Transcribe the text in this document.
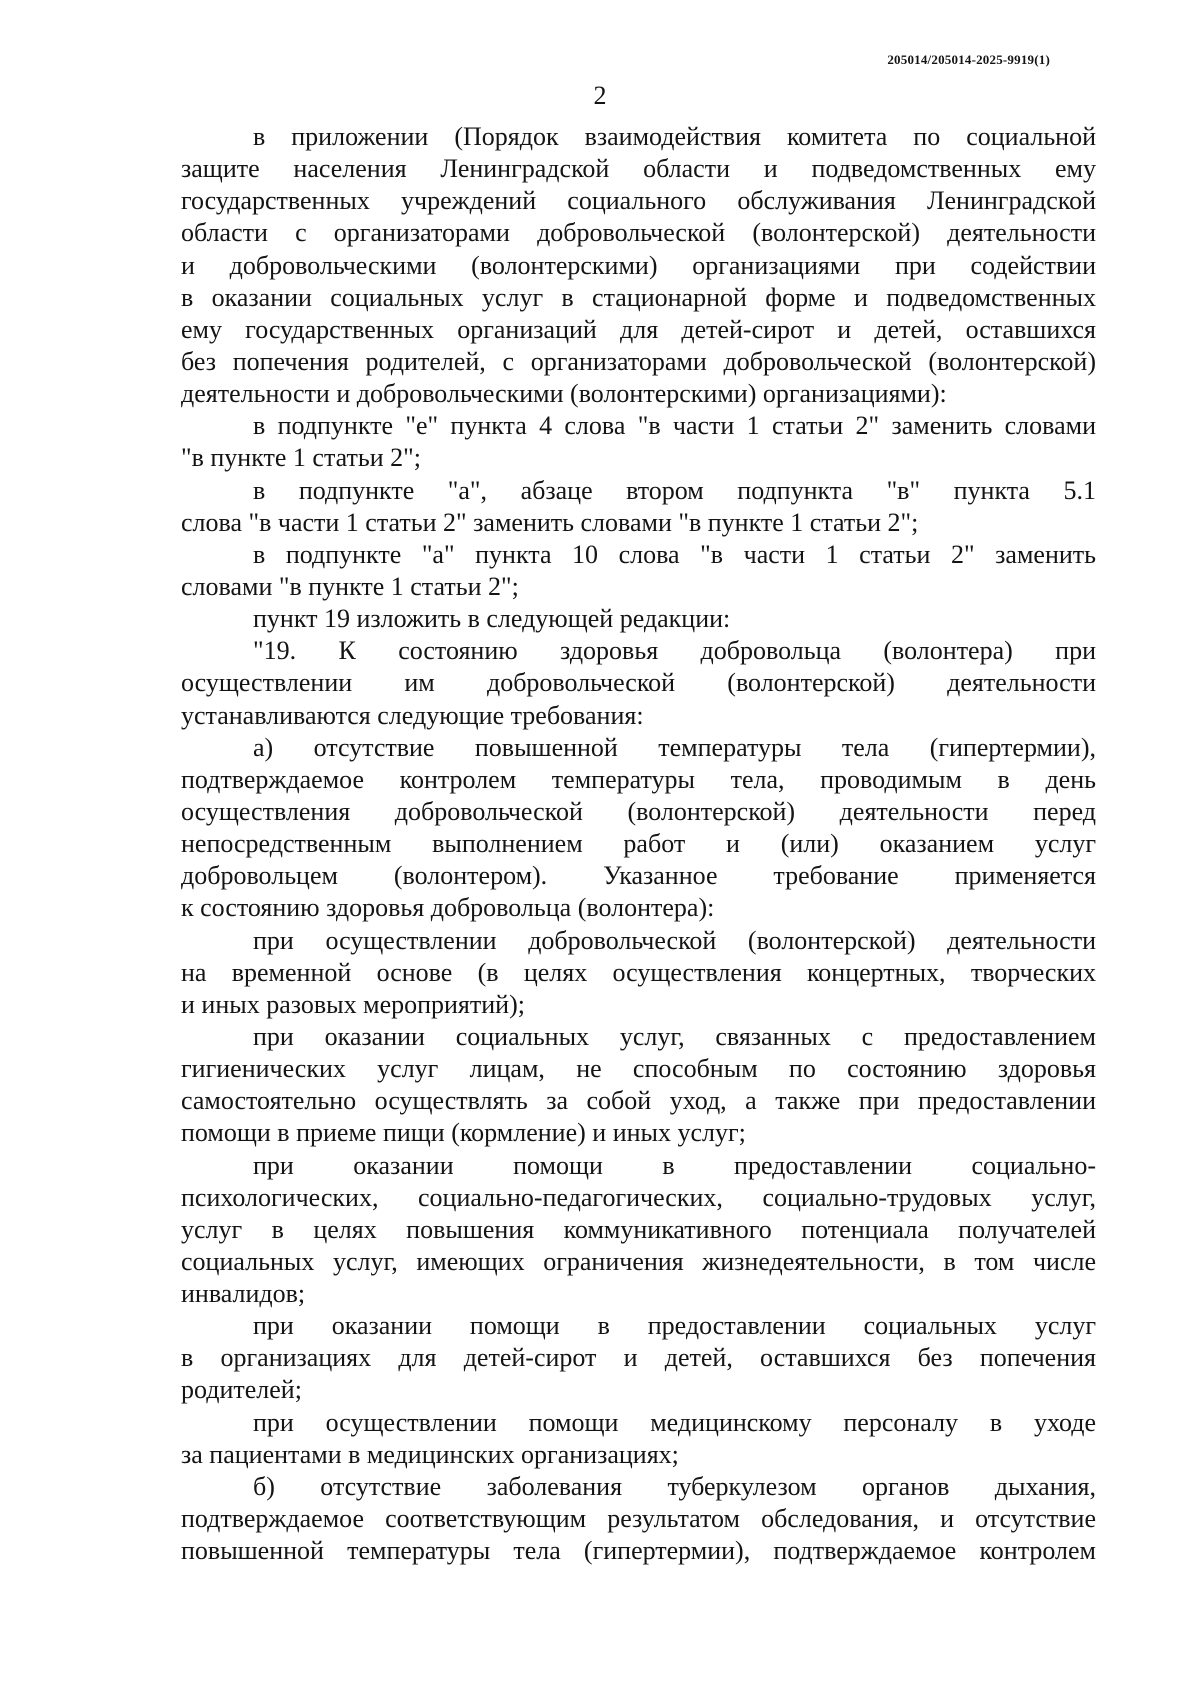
205014/205014-2025-9919(1)
2
в приложении (Порядок взаимодействия комитета по социальной
защите населения Ленинградской области и подведомственных ему
государственных учреждений социального обслуживания Ленинградской
области с организаторами добровольческой (волонтерской) деятельности
и добровольческими (волонтерскими) организациями при содействии
в оказании социальных услуг в стационарной форме и подведомственных
ему государственных организаций для детей-сирот и детей, оставшихся
без попечения родителей, с организаторами добровольческой (волонтерской)
деятельности и добровольческими (волонтерскими) организациями):
в подпункте "е" пункта 4 слова "в части 1 статьи 2" заменить словами
"в пункте 1 статьи 2";
в подпункте "а", абзаце втором подпункта "в" пункта 5.1
слова "в части 1 статьи 2" заменить словами "в пункте 1 статьи 2";
в подпункте "а" пункта 10 слова "в части 1 статьи 2" заменить
словами "в пункте 1 статьи 2";
пункт 19 изложить в следующей редакции:
"19. К состоянию здоровья добровольца (волонтера) при
осуществлении им добровольческой (волонтерской) деятельности
устанавливаются следующие требования:
а) отсутствие повышенной температуры тела (гипертермии),
подтверждаемое контролем температуры тела, проводимым в день
осуществления добровольческой (волонтерской) деятельности перед
непосредственным выполнением работ и (или) оказанием услуг
добровольцем (волонтером). Указанное требование применяется
к состоянию здоровья добровольца (волонтера):
при осуществлении добровольческой (волонтерской) деятельности
на временной основе (в целях осуществления концертных, творческих
и иных разовых мероприятий);
при оказании социальных услуг, связанных с предоставлением
гигиенических услуг лицам, не способным по состоянию здоровья
самостоятельно осуществлять за собой уход, а также при предоставлении
помощи в приеме пищи (кормление) и иных услуг;
при оказании помощи в предоставлении социально-
психологических, социально-педагогических, социально-трудовых услуг,
услуг в целях повышения коммуникативного потенциала получателей
социальных услуг, имеющих ограничения жизнедеятельности, в том числе
инвалидов;
при оказании помощи в предоставлении социальных услуг
в организациях для детей-сирот и детей, оставшихся без попечения
родителей;
при осуществлении помощи медицинскому персоналу в уходе
за пациентами в медицинских организациях;
б) отсутствие заболевания туберкулезом органов дыхания,
подтверждаемое соответствующим результатом обследования, и отсутствие
повышенной температуры тела (гипертермии), подтверждаемое контролем
